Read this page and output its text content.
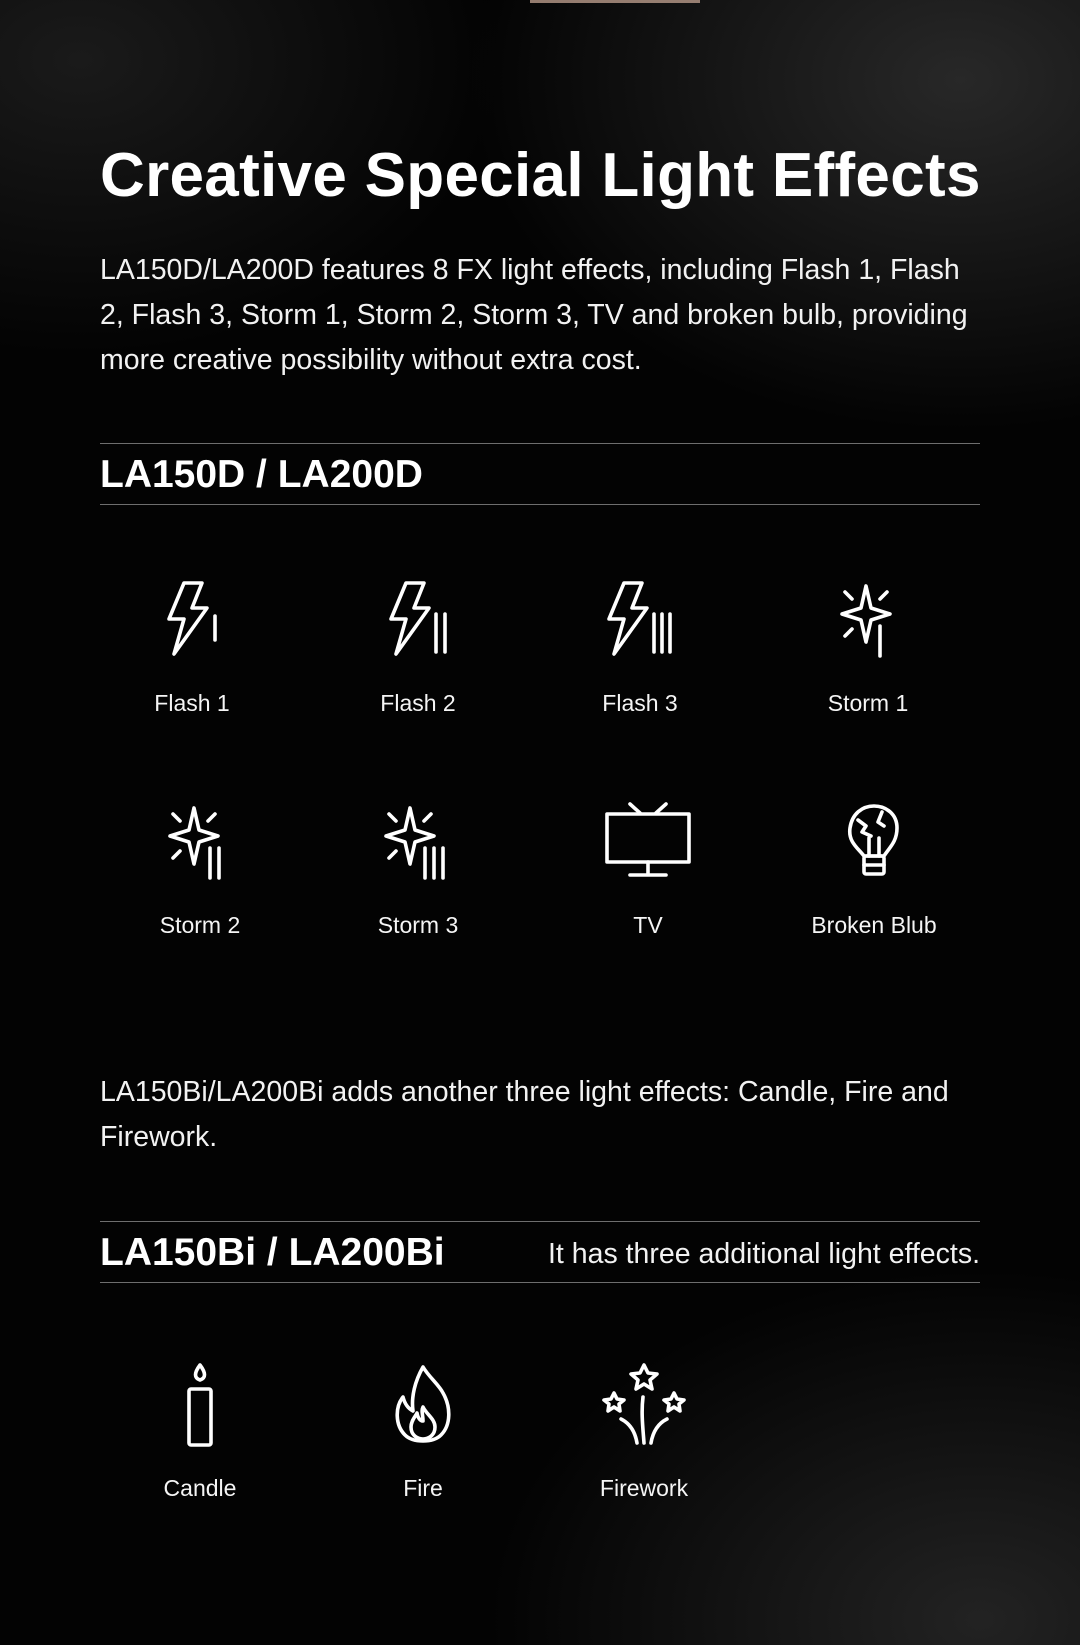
Creative Special Light Effects

LA150D/LA200D features 8 FX light effects, including Flash 1, Flash 2, Flash 3, Storm 1, Storm 2, Storm 3, TV and broken bulb, providing more creative possibility without extra cost.

LA150D / LA200D
Flash 1	Flash 2	Flash 3	Storm 1
Storm 2	Storm 3	TV	Broken Blub

LA150Bi/LA200Bi adds another three light effects: Candle, Fire and Firework.

LA150Bi / LA200Bi	It has three additional light effects.
Candle	Fire	Firework
